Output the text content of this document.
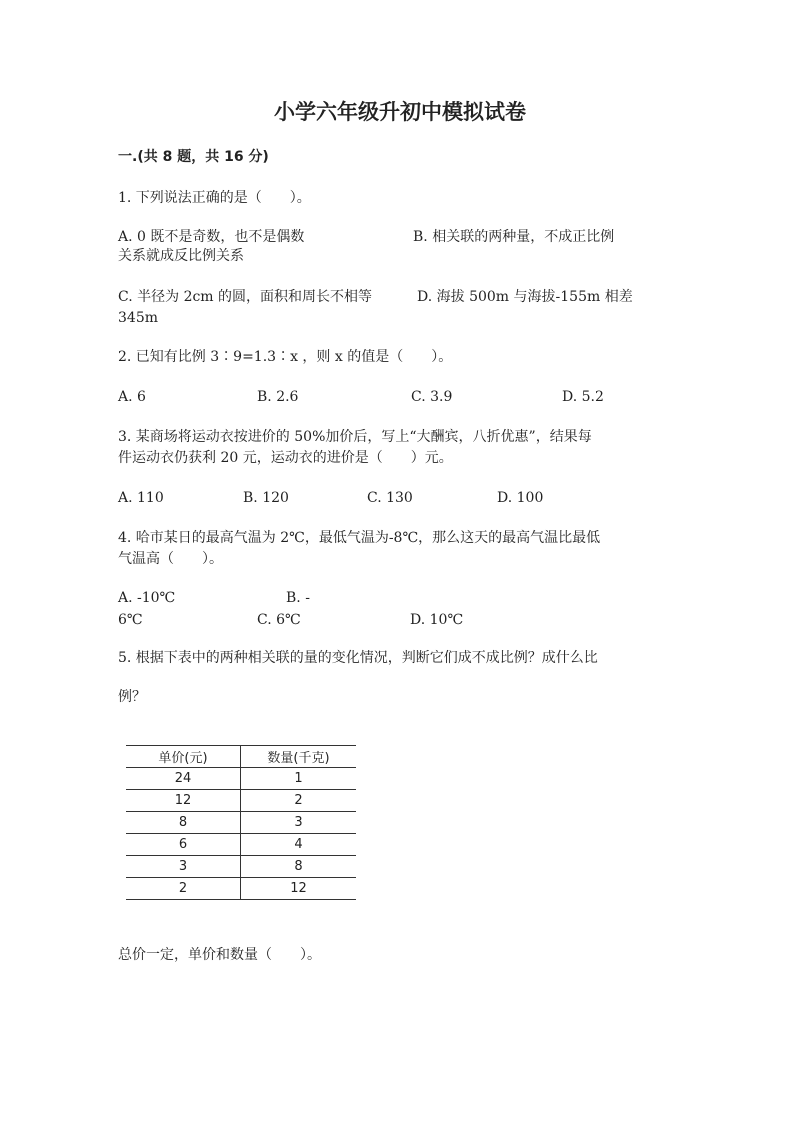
小学六年级升初中模拟试卷
一.(共 8 题，共 16 分)
1. 下列说法正确的是（　　）。
A. 0 既不是奇数，也不是偶数	B. 相关联的两种量，不成正比例
关系就成反比例关系
C. 半径为 2cm 的圆，面积和周长不相等	D. 海拔 500m 与海拔-155m 相差
345m
2. 已知有比例 3∶9=1.3∶x ，则 x 的值是（　　）。
A. 6	B. 2.6	C. 3.9	D. 5.2
3. 某商场将运动衣按进价的 50%加价后，写上“大酬宾，八折优惠”，结果每
件运动衣仍获利 20 元，运动衣的进价是（　　）元。
A. 110	B. 120	C. 130	D. 100
4. 哈市某日的最高气温为 2℃，最低气温为-8℃，那么这天的最高气温比最低
气温高（　　）。
A. -10℃	B. -
6℃	C. 6℃	D. 10℃
5. 根据下表中的两种相关联的量的变化情况，判断它们成不成比例？成什么比
例？
单价(元)	数量(千克)
24	1
12	2
8	3
6	4
3	8
2	12
总价一定，单价和数量（　　）。
